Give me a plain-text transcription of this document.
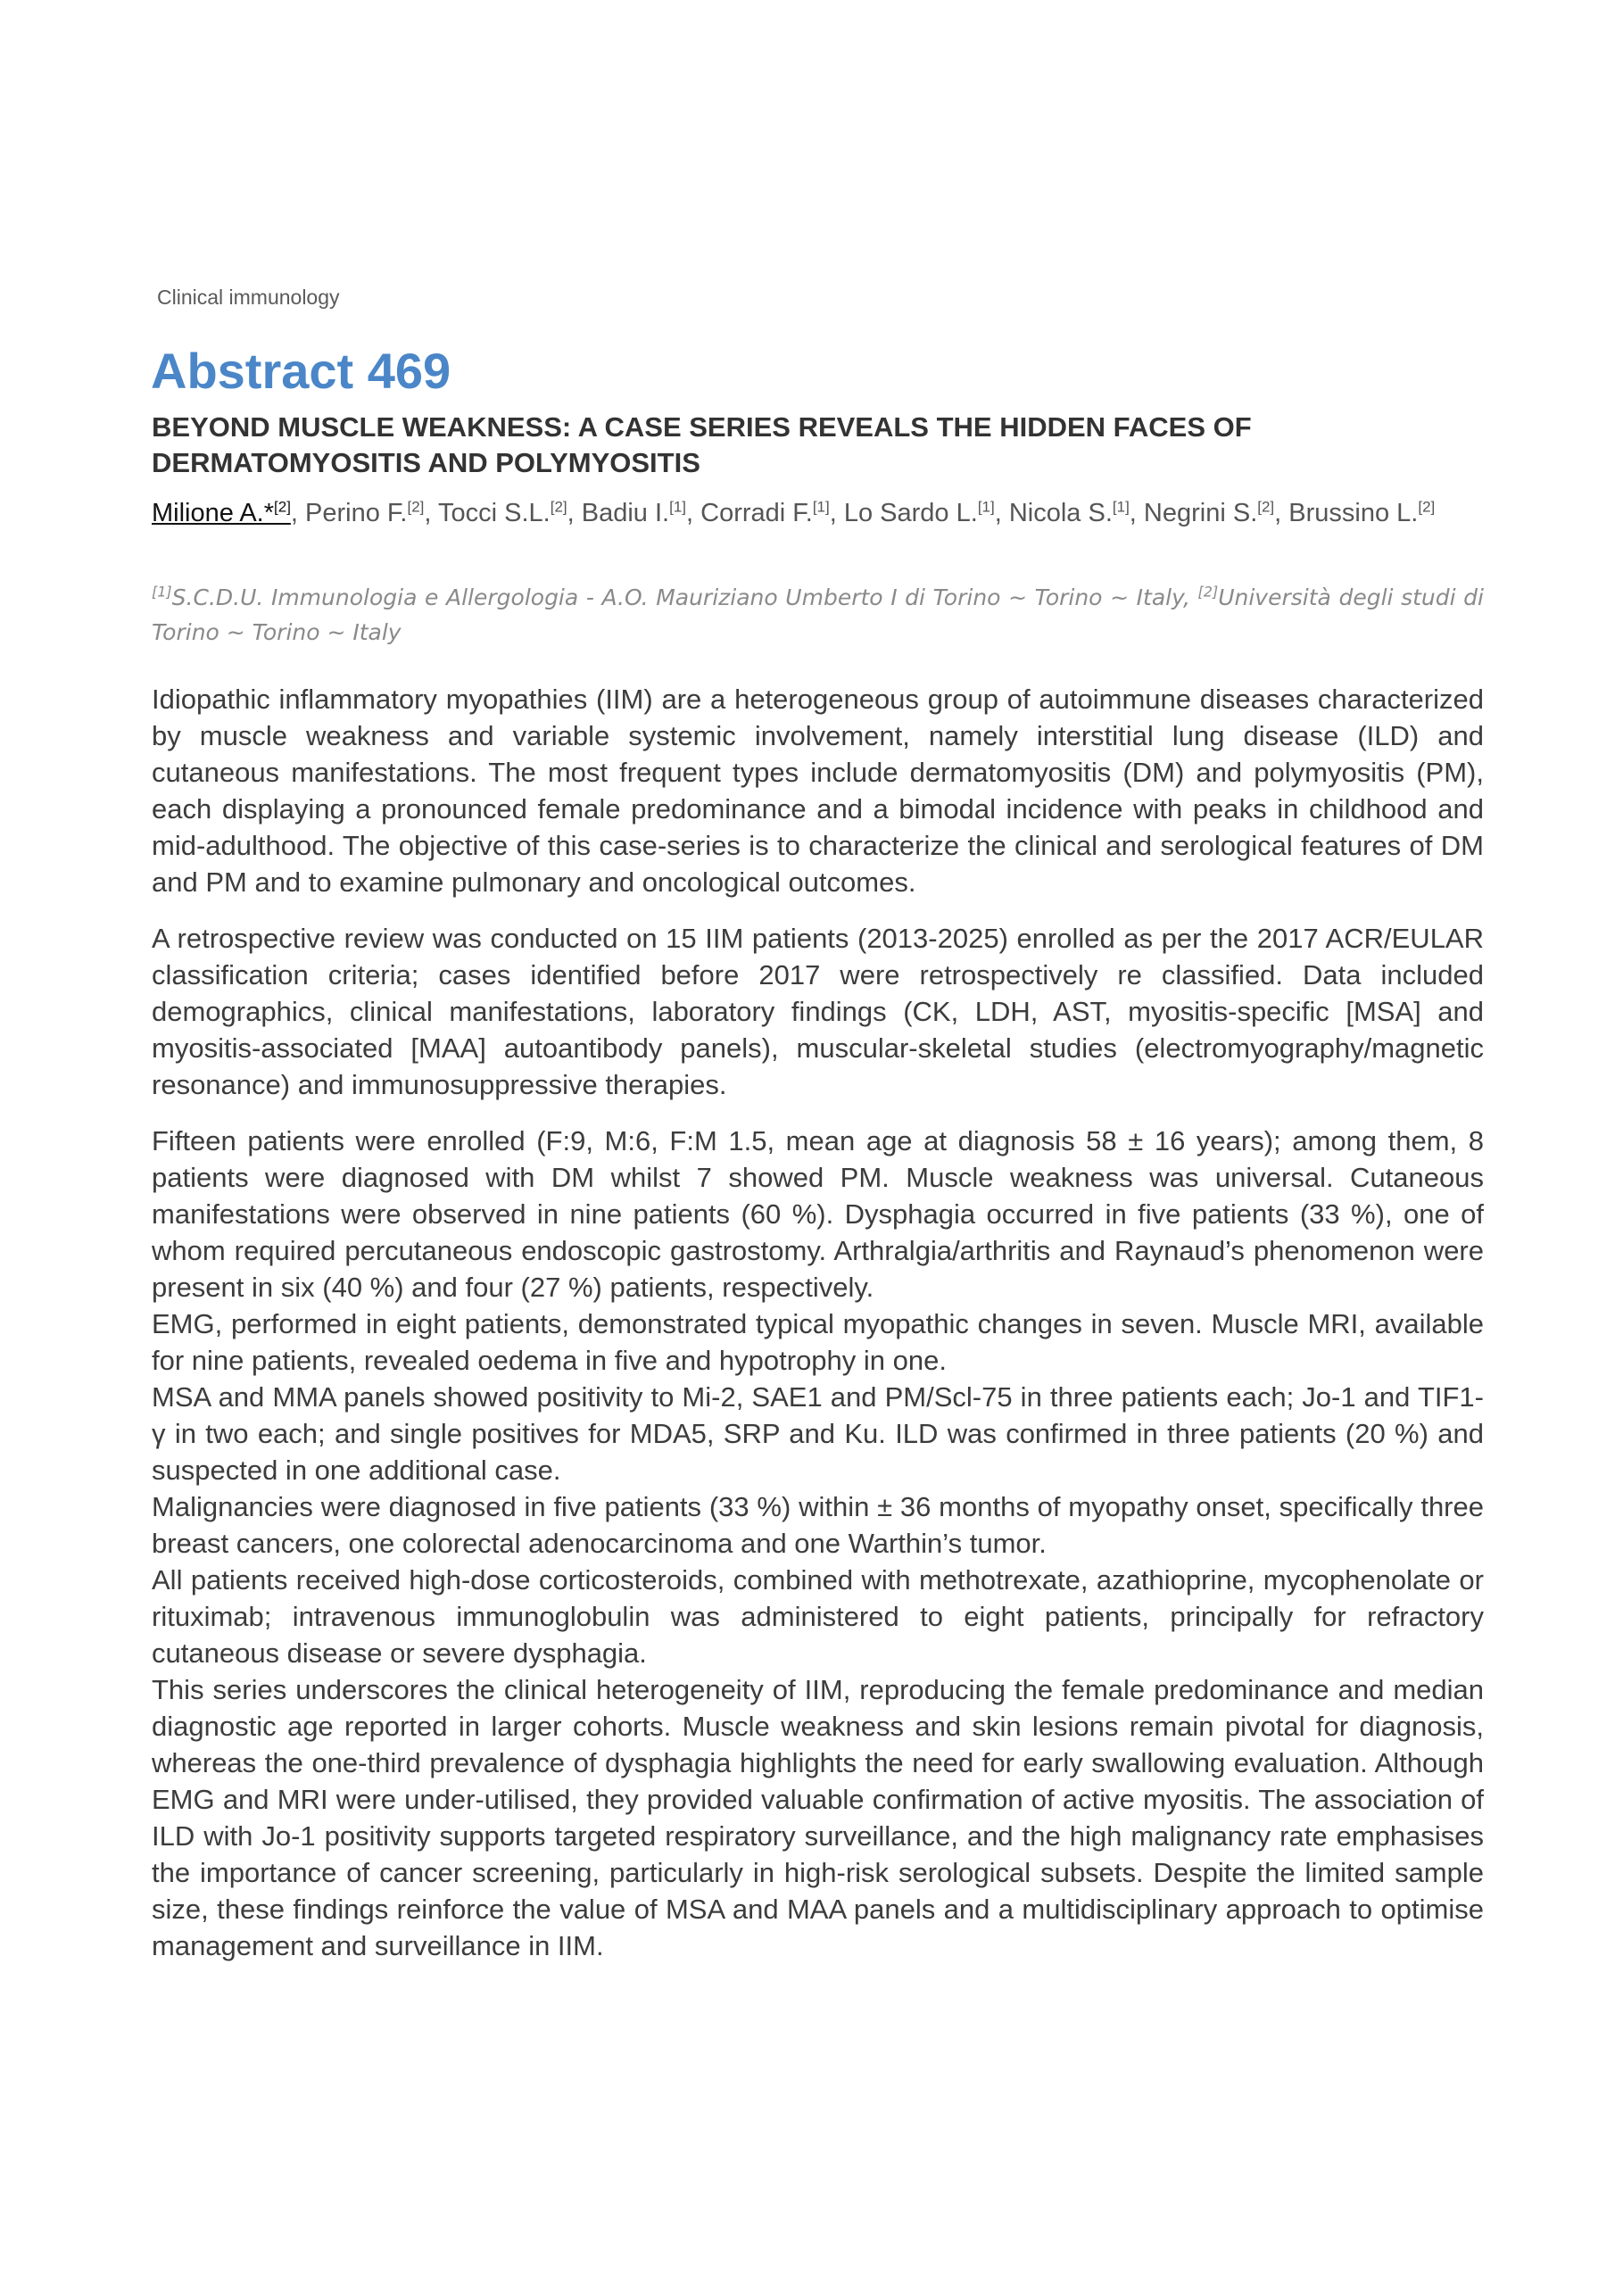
Clinical immunology
Abstract 469
BEYOND MUSCLE WEAKNESS: A CASE SERIES REVEALS THE HIDDEN FACES OF DERMATOMYOSITIS AND POLYMYOSITIS
Milione A.*[2], Perino F.[2], Tocci S.L.[2], Badiu I.[1], Corradi F.[1], Lo Sardo L.[1], Nicola S.[1], Negrini S.[2], Brussino L.[2]
[1]S.C.D.U. Immunologia e Allergologia - A.O. Mauriziano Umberto I di Torino ~ Torino ~ Italy, [2]Università degli studi di Torino ~ Torino ~ Italy

Idiopathic inflammatory myopathies (IIM) are a heterogeneous group of autoimmune diseases characterized by muscle weakness and variable systemic involvement, namely interstitial lung disease (ILD) and cutaneous manifestations. The most frequent types include dermatomyositis (DM) and polymyositis (PM), each displaying a pronounced female predominance and a bimodal incidence with peaks in childhood and mid-adulthood. The objective of this case-series is to characterize the clinical and serological features of DM and PM and to examine pulmonary and oncological outcomes.

A retrospective review was conducted on 15 IIM patients (2013-2025) enrolled as per the 2017 ACR/EULAR classification criteria; cases identified before 2017 were retrospectively re classified. Data included demographics, clinical manifestations, laboratory findings (CK, LDH, AST, myositis-specific [MSA] and myositis-associated [MAA] autoantibody panels), muscular-skeletal studies (electromyography/magnetic resonance) and immunosuppressive therapies.

Fifteen patients were enrolled (F:9, M:6, F:M 1.5, mean age at diagnosis 58 ± 16 years); among them, 8 patients were diagnosed with DM whilst 7 showed PM. Muscle weakness was universal. Cutaneous manifestations were observed in nine patients (60 %). Dysphagia occurred in five patients (33 %), one of whom required percutaneous endoscopic gastrostomy. Arthralgia/arthritis and Raynaud’s phenomenon were present in six (40 %) and four (27 %) patients, respectively.

EMG, performed in eight patients, demonstrated typical myopathic changes in seven. Muscle MRI, available for nine patients, revealed oedema in five and hypotrophy in one.

MSA and MMA panels showed positivity to Mi-2, SAE1 and PM/Scl-75 in three patients each; Jo-1 and TIF1-γ in two each; and single positives for MDA5, SRP and Ku. ILD was confirmed in three patients (20 %) and suspected in one additional case.

Malignancies were diagnosed in five patients (33 %) within ± 36 months of myopathy onset, specifically three breast cancers, one colorectal adenocarcinoma and one Warthin’s tumor.

All patients received high-dose corticosteroids, combined with methotrexate, azathioprine, mycophenolate or rituximab; intravenous immunoglobulin was administered to eight patients, principally for refractory cutaneous disease or severe dysphagia.

This series underscores the clinical heterogeneity of IIM, reproducing the female predominance and median diagnostic age reported in larger cohorts. Muscle weakness and skin lesions remain pivotal for diagnosis, whereas the one-third prevalence of dysphagia highlights the need for early swallowing evaluation. Although EMG and MRI were under-utilised, they provided valuable confirmation of active myositis. The association of ILD with Jo-1 positivity supports targeted respiratory surveillance, and the high malignancy rate emphasises the importance of cancer screening, particularly in high-risk serological subsets. Despite the limited sample size, these findings reinforce the value of MSA and MAA panels and a multidisciplinary approach to optimise management and surveillance in IIM.
